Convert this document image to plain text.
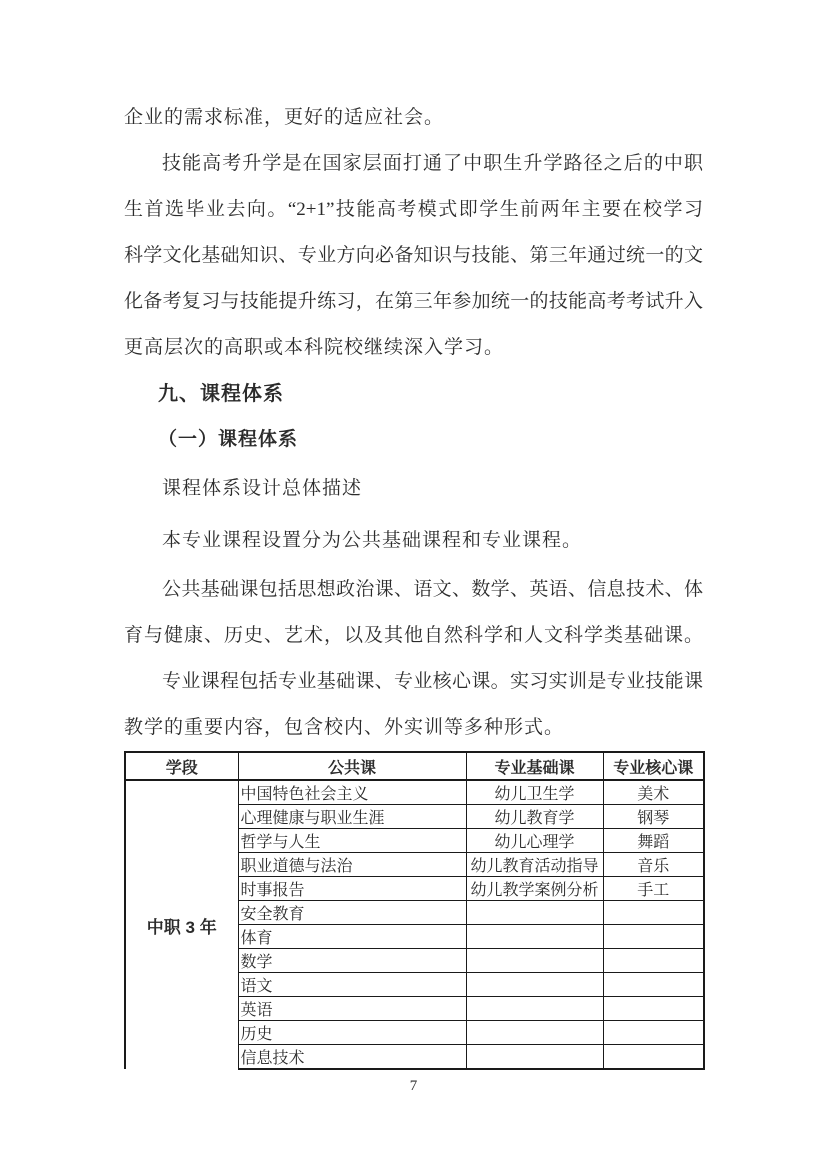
企业的需求标准，更好的适应社会。
技能高考升学是在国家层面打通了中职生升学路径之后的中职
生首选毕业去向。“2+1”技能高考模式即学生前两年主要在校学习
科学文化基础知识、专业方向必备知识与技能、第三年通过统一的文
化备考复习与技能提升练习，在第三年参加统一的技能高考考试升入
更高层次的高职或本科院校继续深入学习。
九、课程体系
（一）课程体系
课程体系设计总体描述
本专业课程设置分为公共基础课程和专业课程。
公共基础课包括思想政治课、语文、数学、英语、信息技术、体
育与健康、历史、艺术，以及其他自然科学和人文科学类基础课。
专业课程包括专业基础课、专业核心课。实习实训是专业技能课
教学的重要内容，包含校内、外实训等多种形式。
学段	公共课	专业基础课	专业核心课
中职 3 年	中国特色社会主义	幼儿卫生学	美术
	心理健康与职业生涯	幼儿教育学	钢琴
	哲学与人生	幼儿心理学	舞蹈
	职业道德与法治	幼儿教育活动指导	音乐
	时事报告	幼儿教学案例分析	手工
	安全教育		
	体育		
	数学		
	语文		
	英语		
	历史		
	信息技术		
7
